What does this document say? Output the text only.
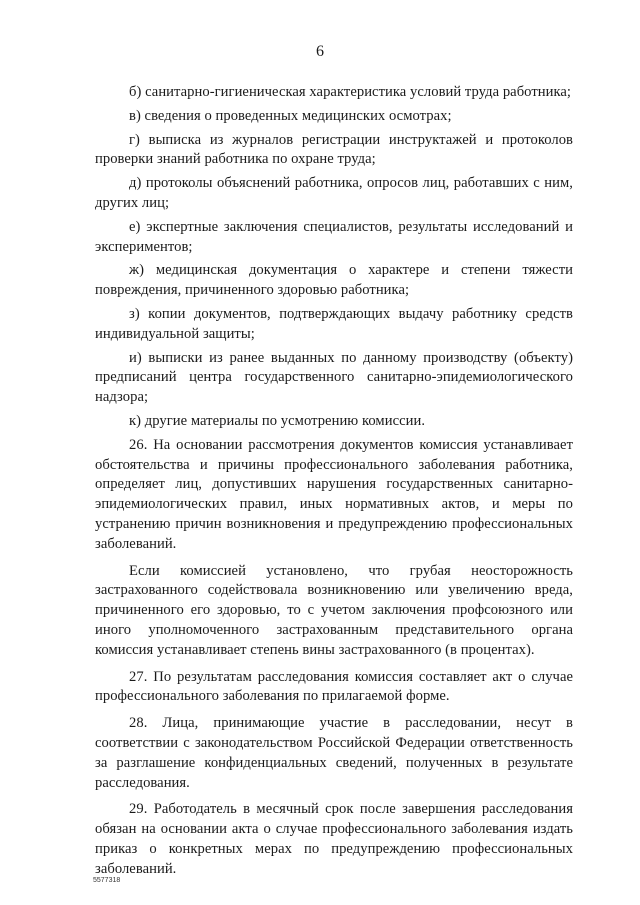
6

б) санитарно-гигиеническая характеристика условий труда работника;

в) сведения о проведенных медицинских осмотрах;

г) выписка из журналов регистрации инструктажей и протоколов проверки знаний работника по охране труда;

д) протоколы объяснений работника, опросов лиц, работавших с ним, других лиц;

е) экспертные заключения специалистов, результаты исследований и экспериментов;

ж) медицинская документация о характере и степени тяжести повреждения, причиненного здоровью работника;

з) копии документов, подтверждающих выдачу работнику средств индивидуальной защиты;

и) выписки из ранее выданных по данному производству (объекту) предписаний центра государственного санитарно-эпидемиологического надзора;

к) другие материалы по усмотрению комиссии.

26. На основании рассмотрения документов комиссия устанавливает обстоятельства и причины профессионального заболевания работника, определяет лиц, допустивших нарушения государственных санитарно-эпидемиологических правил, иных нормативных актов, и меры по устранению причин возникновения и предупреждению профессиональных заболеваний.

Если комиссией установлено, что грубая неосторожность застрахованного содействовала возникновению или увеличению вреда, причиненного его здоровью, то с учетом заключения профсоюзного или иного уполномоченного застрахованным представительного органа комиссия устанавливает степень вины застрахованного (в процентах).

27. По результатам расследования комиссия составляет акт о случае профессионального заболевания по прилагаемой форме.

28. Лица, принимающие участие в расследовании, несут в соответствии с законодательством Российской Федерации ответственность за разглашение конфиденциальных сведений, полученных в результате расследования.

29. Работодатель в месячный срок после завершения расследования обязан на основании акта о случае профессионального заболевания издать приказ о конкретных мерах по предупреждению профессиональных заболеваний.

5577318
